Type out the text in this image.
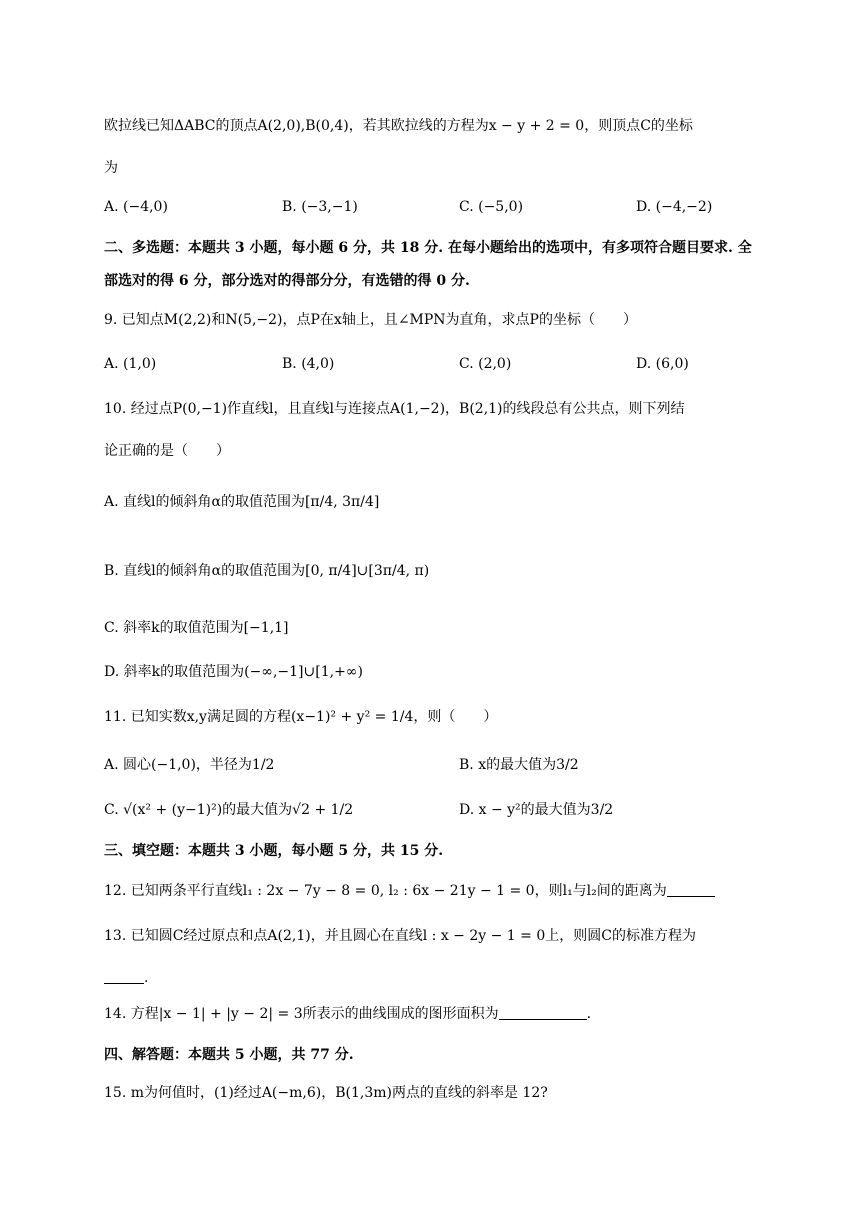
欧拉线已知ΔABC的顶点A(2,0),B(0,4)，若其欧拉线的方程为x − y + 2 = 0，则顶点C的坐标
为
A. (−4,0)	B. (−3,−1)	C. (−5,0)	D. (−4,−2)
二、多选题：本题共 3 小题，每小题 6 分，共 18 分. 在每小题给出的选项中，有多项符合题目要求. 全
部选对的得 6 分，部分选对的得部分分，有选错的得 0 分.
9. 已知点M(2,2)和N(5,−2)，点P在x轴上，且∠MPN为直角，求点P的坐标（　　）
A. (1,0)	B. (4,0)	C. (2,0)	D. (6,0)
10. 经过点P(0,−1)作直线l，且直线l与连接点A(1,−2)，B(2,1)的线段总有公共点，则下列结
论正确的是（　　）
A. 直线l的倾斜角α的取值范围为[π/4, 3π/4]
B. 直线l的倾斜角α的取值范围为[0, π/4]∪[3π/4, π)
C. 斜率k的取值范围为[−1,1]
D. 斜率k的取值范围为(−∞,−1]∪[1,+∞)
11. 已知实数x,y满足圆的方程(x−1)² + y² = 1/4，则（　　）
A. 圆心(−1,0)，半径为1/2	B. x的最大值为3/2
C. √(x² + (y−1)²)的最大值为√2 + 1/2	D. x − y²的最大值为3/2
三、填空题：本题共 3 小题，每小题 5 分，共 15 分.
12. 已知两条平行直线l₁ : 2x − 7y − 8 = 0, l₂ : 6x − 21y − 1 = 0，则l₁与l₂间的距离为
13. 已知圆C经过原点和点A(2,1)，并且圆心在直线l : x − 2y − 1 = 0上，则圆C的标准方程为
.
14. 方程|x − 1| + |y − 2| = 3所表示的曲线围成的图形面积为	.
四、解答题：本题共 5 小题，共 77 分.
15. m为何值时，(1)经过A(−m,6)，B(1,3m)两点的直线的斜率是 12?
